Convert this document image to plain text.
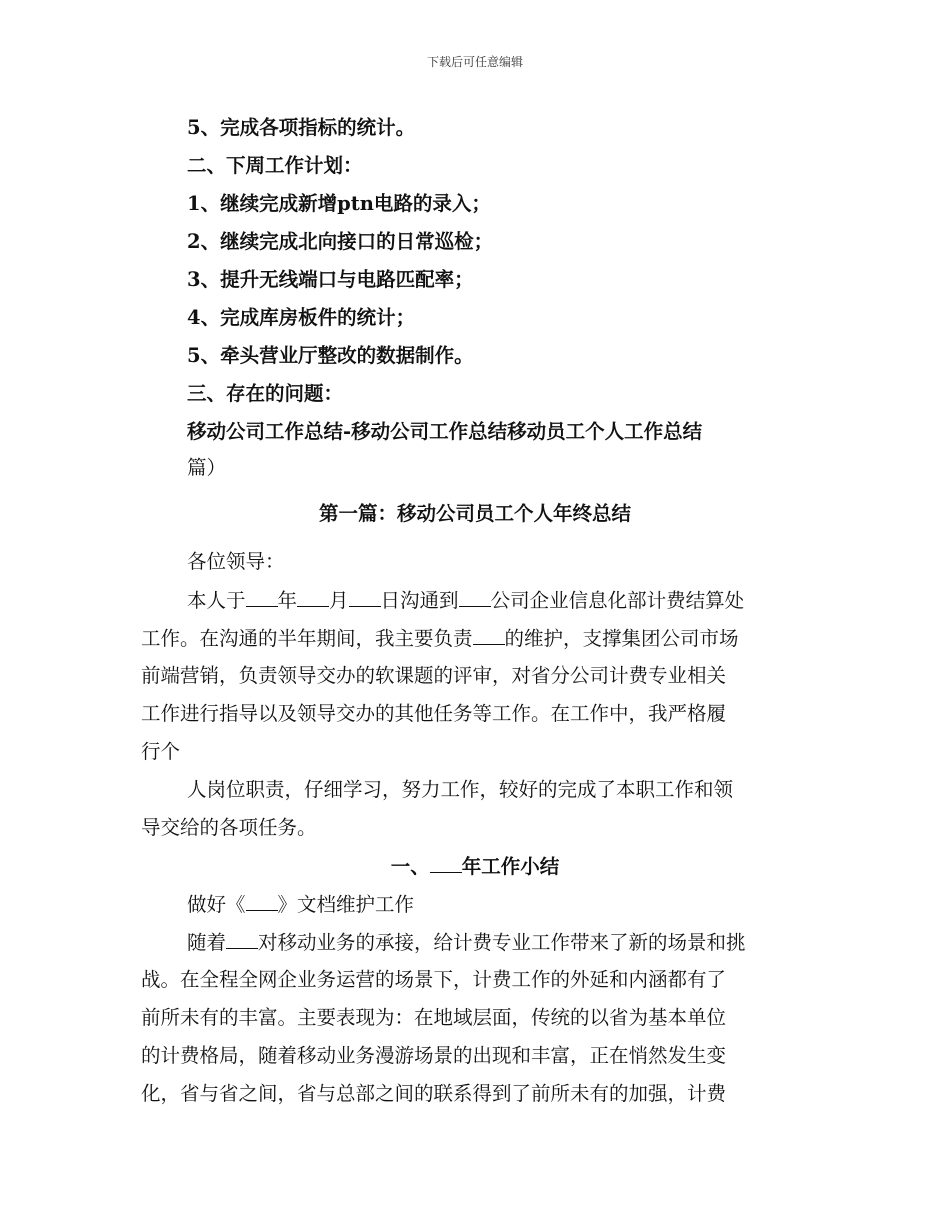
下载后可任意编辑
5、完成各项指标的统计。
二、下周工作计划：
1、继续完成新增ptn电路的录入；
2、继续完成北向接口的日常巡检；
3、提升无线端口与电路匹配率；
4、完成库房板件的统计；
5、牵头营业厅整改的数据制作。
三、存在的问题：
移动公司工作总结-移动公司工作总结移动员工个人工作总结
篇）
第一篇：移动公司员工个人年终总结
各位领导：
本人于 年 月 日沟通到 公司企业信息化部计费结算处
工作。在沟通的半年期间，我主要负责 的维护，支撑集团公司市场
前端营销，负责领导交办的软课题的评审，对省分公司计费专业相关
工作进行指导以及领导交办的其他任务等工作。在工作中，我严格履
行个
人岗位职责，仔细学习，努力工作，较好的完成了本职工作和领
导交给的各项任务。
一、 年工作小结
做好《 》文档维护工作
随着 对移动业务的承接，给计费专业工作带来了新的场景和挑
战。在全程全网企业务运营的场景下，计费工作的外延和内涵都有了
前所未有的丰富。主要表现为：在地域层面，传统的以省为基本单位
的计费格局，随着移动业务漫游场景的出现和丰富，正在悄然发生变
化，省与省之间，省与总部之间的联系得到了前所未有的加强，计费
